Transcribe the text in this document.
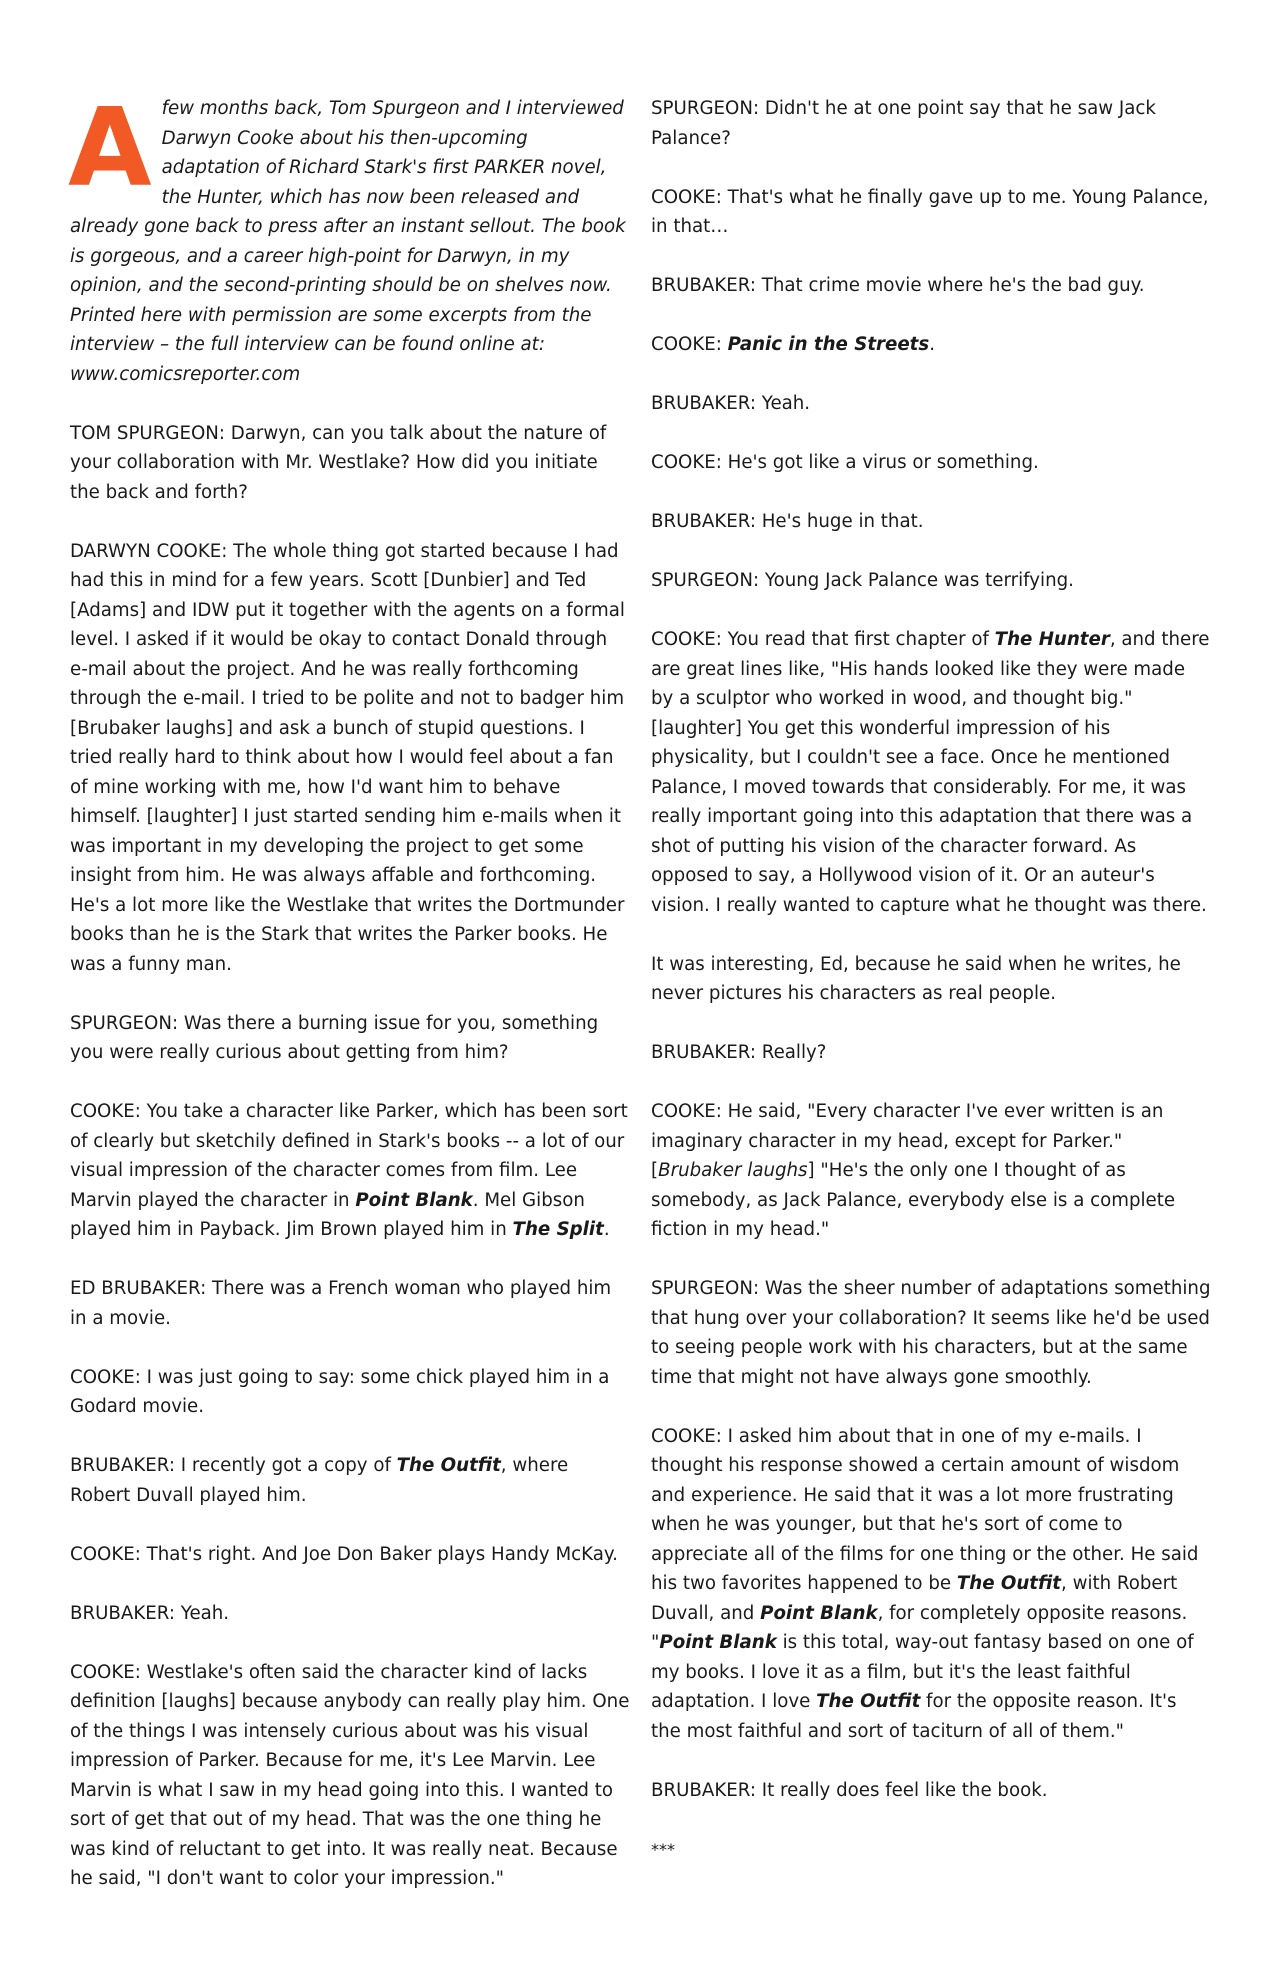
Afew months back, Tom Spurgeon and I interviewed Darwyn Cooke about his then-upcoming adaptation of Richard Stark's first PARKER novel, the Hunter, which has now been released and already gone back to press after an instant sellout. The book is gorgeous, and a career high-point for Darwyn, in my opinion, and the second-printing should be on shelves now. Printed here with permission are some excerpts from the interview – the full interview can be found online at: www.comicsreporter.com

TOM SPURGEON: Darwyn, can you talk about the nature of your collaboration with Mr. Westlake? How did you initiate the back and forth?

DARWYN COOKE: The whole thing got started because I had had this in mind for a few years. Scott [Dunbier] and Ted [Adams] and IDW put it together with the agents on a formal level. I asked if it would be okay to contact Donald through e-mail about the project. And he was really forthcoming through the e-mail. I tried to be polite and not to badger him [Brubaker laughs] and ask a bunch of stupid questions. I tried really hard to think about how I would feel about a fan of mine working with me, how I'd want him to behave himself. [laughter] I just started sending him e-mails when it was important in my developing the project to get some insight from him. He was always affable and forthcoming. He's a lot more like the Westlake that writes the Dortmunder books than he is the Stark that writes the Parker books. He was a funny man.

SPURGEON: Was there a burning issue for you, something you were really curious about getting from him?

COOKE: You take a character like Parker, which has been sort of clearly but sketchily defined in Stark's books -- a lot of our visual impression of the character comes from film. Lee Marvin played the character in Point Blank. Mel Gibson played him in Payback. Jim Brown played him in The Split.

ED BRUBAKER: There was a French woman who played him in a movie.

COOKE: I was just going to say: some chick played him in a Godard movie.

BRUBAKER: I recently got a copy of The Outfit, where Robert Duvall played him.

COOKE: That's right. And Joe Don Baker plays Handy McKay.

BRUBAKER: Yeah.

COOKE: Westlake's often said the character kind of lacks definition [laughs] because anybody can really play him. One of the things I was intensely curious about was his visual impression of Parker. Because for me, it's Lee Marvin. Lee Marvin is what I saw in my head going into this. I wanted to sort of get that out of my head. That was the one thing he was kind of reluctant to get into. It was really neat. Because he said, "I don't want to color your impression."

SPURGEON: Didn't he at one point say that he saw Jack Palance?

COOKE: That's what he finally gave up to me. Young Palance, in that…

BRUBAKER: That crime movie where he's the bad guy.

COOKE: Panic in the Streets.

BRUBAKER: Yeah.

COOKE: He's got like a virus or something.

BRUBAKER: He's huge in that.

SPURGEON: Young Jack Palance was terrifying.

COOKE: You read that first chapter of The Hunter, and there are great lines like, "His hands looked like they were made by a sculptor who worked in wood, and thought big." [laughter] You get this wonderful impression of his physicality, but I couldn't see a face. Once he mentioned Palance, I moved towards that considerably. For me, it was really important going into this adaptation that there was a shot of putting his vision of the character forward. As opposed to say, a Hollywood vision of it. Or an auteur's vision. I really wanted to capture what he thought was there.

It was interesting, Ed, because he said when he writes, he never pictures his characters as real people.

BRUBAKER: Really?

COOKE: He said, "Every character I've ever written is an imaginary character in my head, except for Parker." [Brubaker laughs] "He's the only one I thought of as somebody, as Jack Palance, everybody else is a complete fiction in my head."

SPURGEON: Was the sheer number of adaptations something that hung over your collaboration? It seems like he'd be used to seeing people work with his characters, but at the same time that might not have always gone smoothly.

COOKE: I asked him about that in one of my e-mails. I thought his response showed a certain amount of wisdom and experience. He said that it was a lot more frustrating when he was younger, but that he's sort of come to appreciate all of the films for one thing or the other. He said his two favorites happened to be The Outfit, with Robert Duvall, and Point Blank, for completely opposite reasons. "Point Blank is this total, way-out fantasy based on one of my books. I love it as a film, but it's the least faithful adaptation. I love The Outfit for the opposite reason. It's the most faithful and sort of taciturn of all of them."

BRUBAKER: It really does feel like the book.

***
